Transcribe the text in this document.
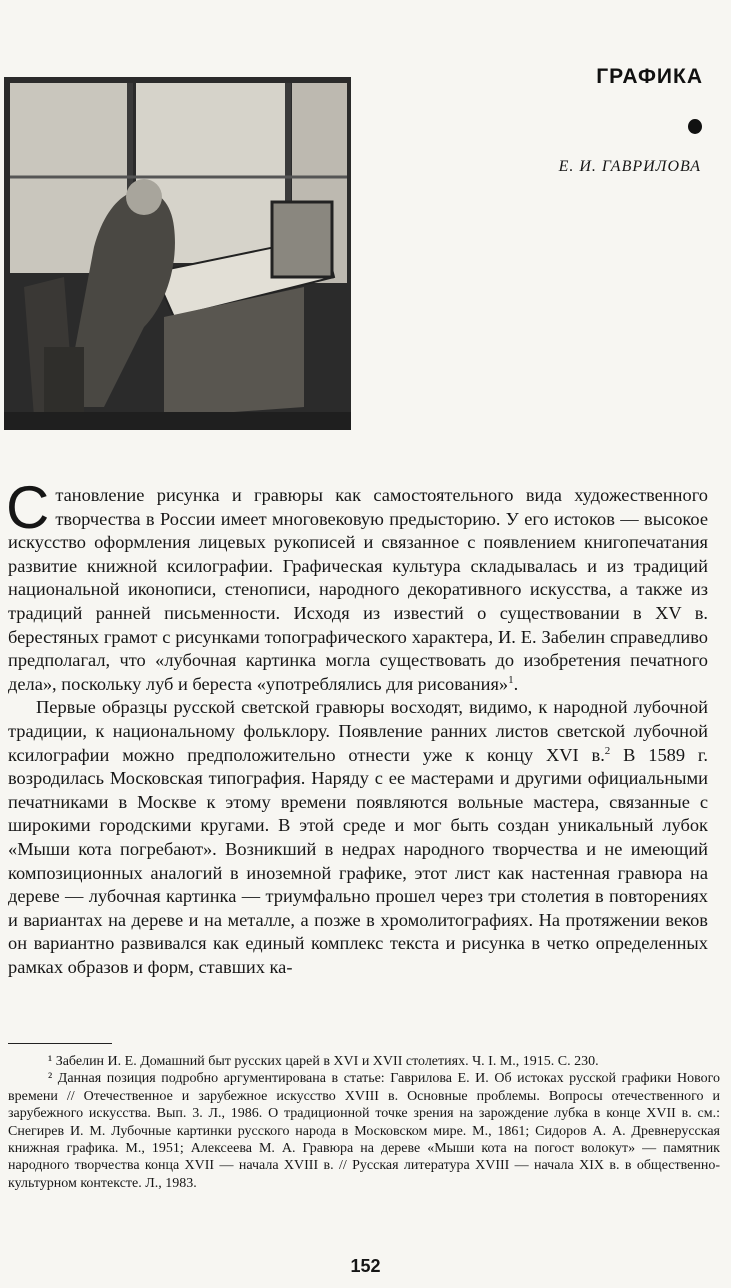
ГРАФИКА
Е. И. ГАВРИЛОВА

Становление рисунка и гравюры как самостоятельного вида художественного творчества в России имеет многовековую предысторию. У его истоков — высокое искусство оформления лицевых рукописей и связанное с появлением книгопечатания развитие книжной ксилографии. Графическая культура складывалась и из традиций национальной иконописи, стенописи, народного декоративного искусства, а также из традиций ранней письменности. Исходя из известий о существовании в XV в. берестяных грамот с рисунками топографического характера, И. Е. Забелин справедливо предполагал, что «лубочная картинка могла существовать до изобретения печатного дела», поскольку луб и береста «употреблялись для рисования»$^1$.

Первые образцы русской светской гравюры восходят, видимо, к народной лубочной традиции, к национальному фольклору. Появление ранних листов светской лубочной ксилографии можно предположительно отнести уже к концу XVI в.$^2$ В 1589 г. возродилась Московская типография. Наряду с ее мастерами и другими официальными печатниками в Москве к этому времени появляются вольные мастера, связанные с широкими городскими кругами. В этой среде и мог быть создан уникальный лубок «Мыши кота погребают». Возникший в недрах народного творчества и не имеющий композиционных аналогий в иноземной графике, этот лист как настенная гравюра на дереве — лубочная картинка — триумфально прошел через три столетия в повторениях и вариантах на дереве и на металле, а позже в хромолитографиях. На протяжении веков он вариантно развивался как единый комплекс текста и рисунка в четко определенных рамках образов и форм, ставших ка-

¹ Забелин И. Е. Домашний быт русских царей в XVI и XVII столетиях. Ч. I. М., 1915. С. 230.

² Данная позиция подробно аргументирована в статье: Гаврилова Е. И. Об истоках русской графики Нового времени // Отечественное и зарубежное искусство XVIII в. Основные проблемы. Вопросы отечественного и зарубежного искусства. Вып. 3. Л., 1986. О традиционной точке зрения на зарождение лубка в конце XVII в. см.: Снегирев И. М. Лубочные картинки русского народа в Московском мире. М., 1861; Сидоров А. А. Древнерусская книжная графика. М., 1951; Алексеева М. А. Гравюра на дереве «Мыши кота на погост волокут» — памятник народного творчества конца XVII — начала XVIII в. // Русская литература XVIII — начала XIX в. в общественно-культурном контексте. Л., 1983.

152
